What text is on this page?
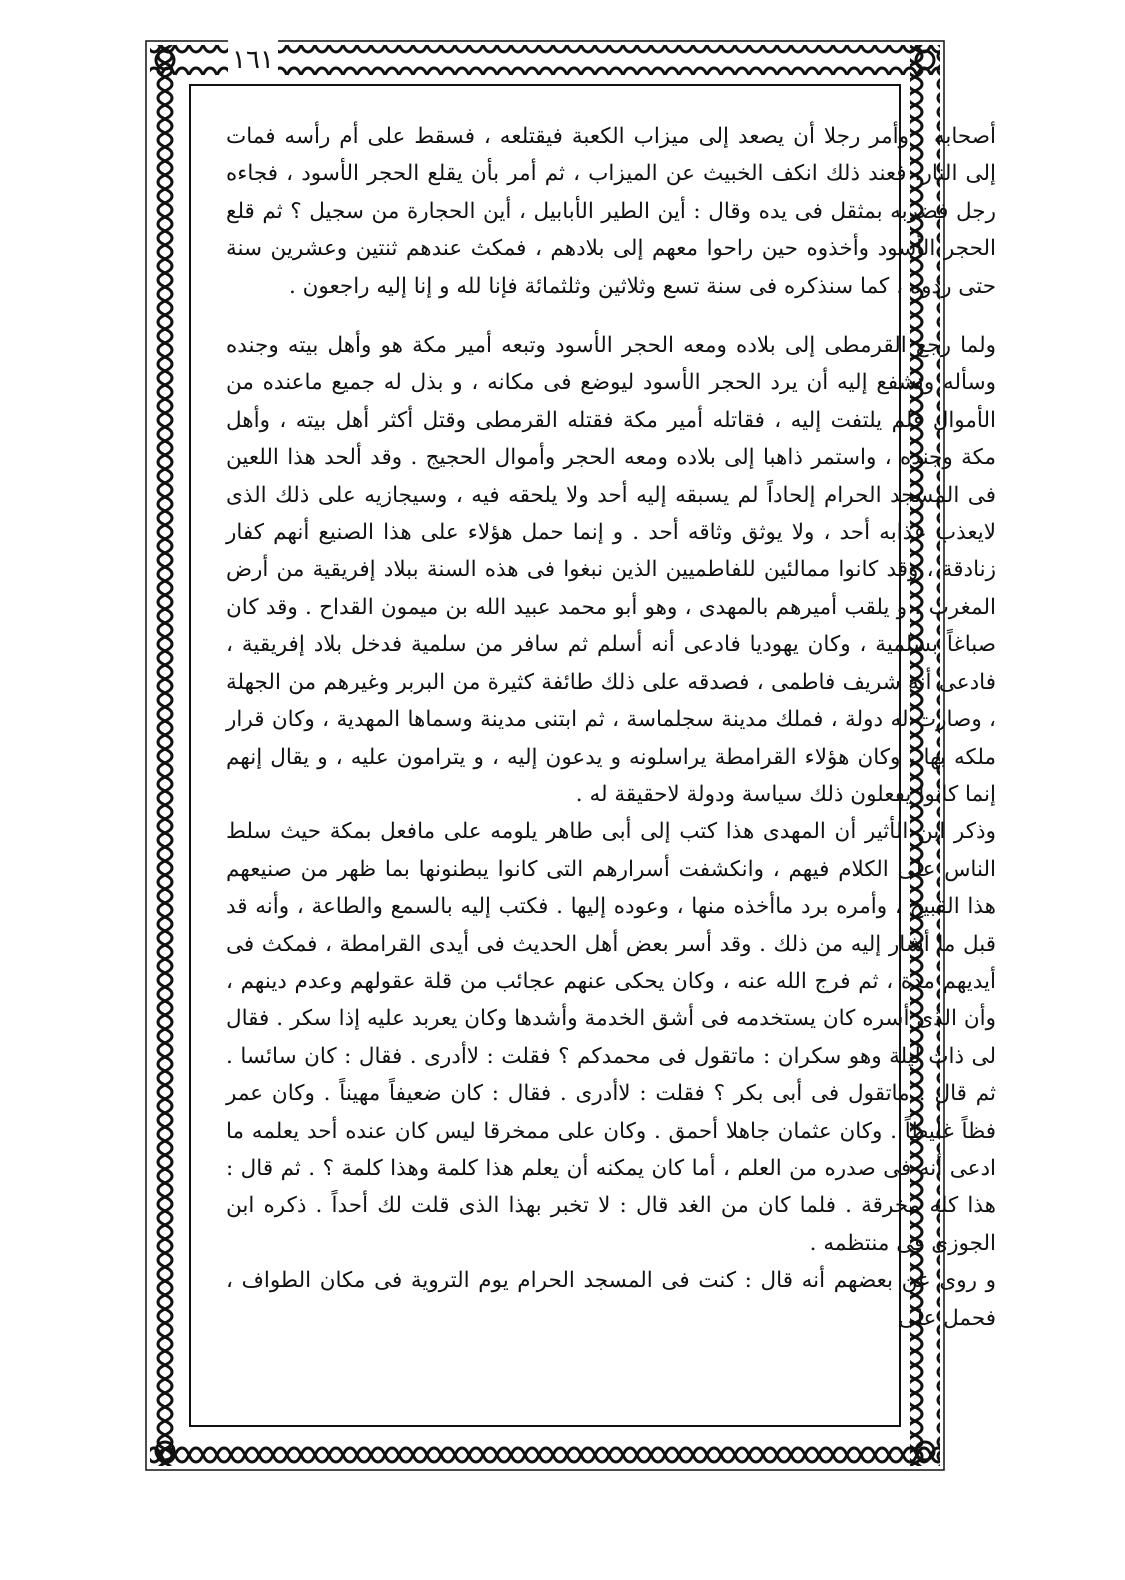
١٦١

أصحابه ، وأمر رجلا أن يصعد إلى ميزاب الكعبة فيقتلعه ، فسقط على أم رأسه فمات إلى النار. فعند ذلك انكف الخبيث عن الميزاب ، ثم أمر بأن يقلع الحجر الأسود ، فجاءه رجل فضربه بمثقل فى يده وقال : أين الطير الأبابيل ، أين الحجارة من سجيل ؟ ثم قلع الحجر الأسود وأخذوه حين راحوا معهم إلى بلادهم ، فمكث عندهم ثنتين وعشرين سنة حتى ردوه ، كما سنذكره فى سنة تسع وثلاثين وثلثمائة فإنا لله و إنا إليه راجعون .

ولما رجع القرمطى إلى بلاده ومعه الحجر الأسود وتبعه أمير مكة هو وأهل بيته وجنده وسأله وتشفع إليه أن يرد الحجر الأسود ليوضع فى مكانه ، و بذل له جميع ماعنده من الأموال فلم يلتفت إليه ، فقاتله أمير مكة فقتله القرمطى وقتل أكثر أهل بيته ، وأهل مكة وجنده ، واستمر ذاهبا إلى بلاده ومعه الحجر وأموال الحجيج . وقد ألحد هذا اللعين فى المسجد الحرام إلحاداً لم يسبقه إليه أحد ولا يلحقه فيه ، وسيجازيه على ذلك الذى لايعذب عذابه أحد ، ولا يوثق وثاقه أحد . و إنما حمل هؤلاء على هذا الصنيع أنهم كفار زنادقة ، وقد كانوا ممالئين للفاطميين الذين نبغوا فى هذه السنة ببلاد إفريقية من أرض المغرب ، و يلقب أميرهم بالمهدى ، وهو أبو محمد عبيد الله بن ميمون القداح . وقد كان صباغاً بسلمية ، وكان يهوديا فادعى أنه أسلم ثم سافر من سلمية فدخل بلاد إفريقية ، فادعى أنه شريف فاطمى ، فصدقه على ذلك طائفة كثيرة من البربر وغيرهم من الجهلة ، وصارت له دولة ، فملك مدينة سجلماسة ، ثم ابتنى مدينة وسماها المهدية ، وكان قرار ملكه بها ، وكان هؤلاء القرامطة يراسلونه و يدعون إليه ، و يترامون عليه ، و يقال إنهم إنما كانوا يفعلون ذلك سياسة ودولة لاحقيقة له .

وذكر ابن الأثير أن المهدى هذا كتب إلى أبى طاهر يلومه على مافعل بمكة حيث سلط الناس على الكلام فيهم ، وانكشفت أسرارهم التى كانوا يبطنونها بما ظهر من صنيعهم هذا القبيح ، وأمره برد ماأخذه منها ، وعوده إليها . فكتب إليه بالسمع والطاعة ، وأنه قد قبل ما أشار إليه من ذلك . وقد أسر بعض أهل الحديث فى أيدى القرامطة ، فمكث فى أيديهم مدة ، ثم فرج الله عنه ، وكان يحكى عنهم عجائب من قلة عقولهم وعدم دينهم ، وأن الذى أسره كان يستخدمه فى أشق الخدمة وأشدها وكان يعربد عليه إذا سكر . فقال لى ذات ليلة وهو سكران : ماتقول فى محمدكم ؟ فقلت : لاأدرى . فقال : كان سائسا . ثم قال : ماتقول فى أبى بكر ؟ فقلت : لاأدرى . فقال : كان ضعيفاً مهيناً . وكان عمر فظاً غليظاً . وكان عثمان جاهلا أحمق . وكان على ممخرقا ليس كان عنده أحد يعلمه ما ادعى أنه فى صدره من العلم ، أما كان يمكنه أن يعلم هذا كلمة وهذا كلمة ؟ . ثم قال : هذا كله مخرقة . فلما كان من الغد قال : لا تخبر بهذا الذى قلت لك أحداً . ذكره ابن الجوزى فى منتظمه .

و روى عن بعضهم أنه قال : كنت فى المسجد الحرام يوم التروية فى مكان الطواف ، فحمل على
